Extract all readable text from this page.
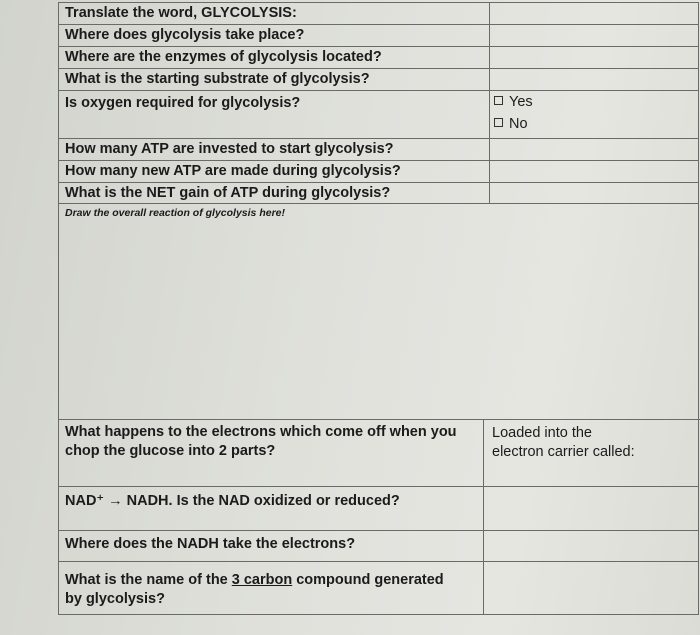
Translate the word, GLYCOLYSIS:
Where does glycolysis take place?
Where are the enzymes of glycolysis located?
What is the starting substrate of glycolysis?
Is oxygen required for glycolysis?	Yes
No
How many ATP are invested to start glycolysis?
How many new ATP are made during glycolysis?
What is the NET gain of ATP during glycolysis?
Draw the overall reaction of glycolysis here!
What happens to the electrons which come off when you
chop the glucose into 2 parts?
Loaded into the
electron carrier called:
NAD⁺ → NADH. Is the NAD oxidized or reduced?
Where does the NADH take the electrons?
What is the name of the 3 carbon compound generated
by glycolysis?
